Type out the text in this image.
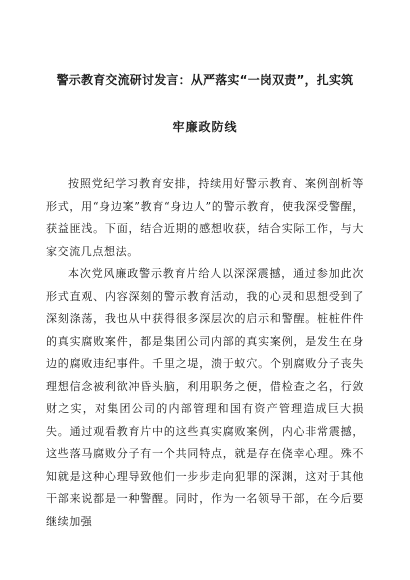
警示教育交流研讨发言：从严落实“一岗双责”，扎实筑
牢廉政防线

按照党纪学习教育安排，持续用好警示教育、案例剖析等形式，用“身边案”教育“身边人”的警示教育，使我深受警醒，获益匪浅。下面，结合近期的感想收获，结合实际工作，与大家交流几点想法。

本次党风廉政警示教育片给人以深深震撼，通过参加此次形式直观、内容深刻的警示教育活动，我的心灵和思想受到了深刻涤荡，我也从中获得很多深层次的启示和警醒。桩桩件件的真实腐败案件，都是集团公司内部的真实案例，是发生在身边的腐败违纪事件。千里之堤，溃于蚁穴。个别腐败分子丧失理想信念被利欲冲昏头脑，利用职务之便，借检查之名，行敛财之实，对集团公司的内部管理和国有资产管理造成巨大损失。通过观看教育片中的这些真实腐败案例，内心非常震撼，这些落马腐败分子有一个共同特点，就是存在侥幸心理。殊不知就是这种心理导致他们一步步走向犯罪的深渊，这对于其他干部来说都是一种警醒。同时，作为一名领导干部，在今后要继续加强
